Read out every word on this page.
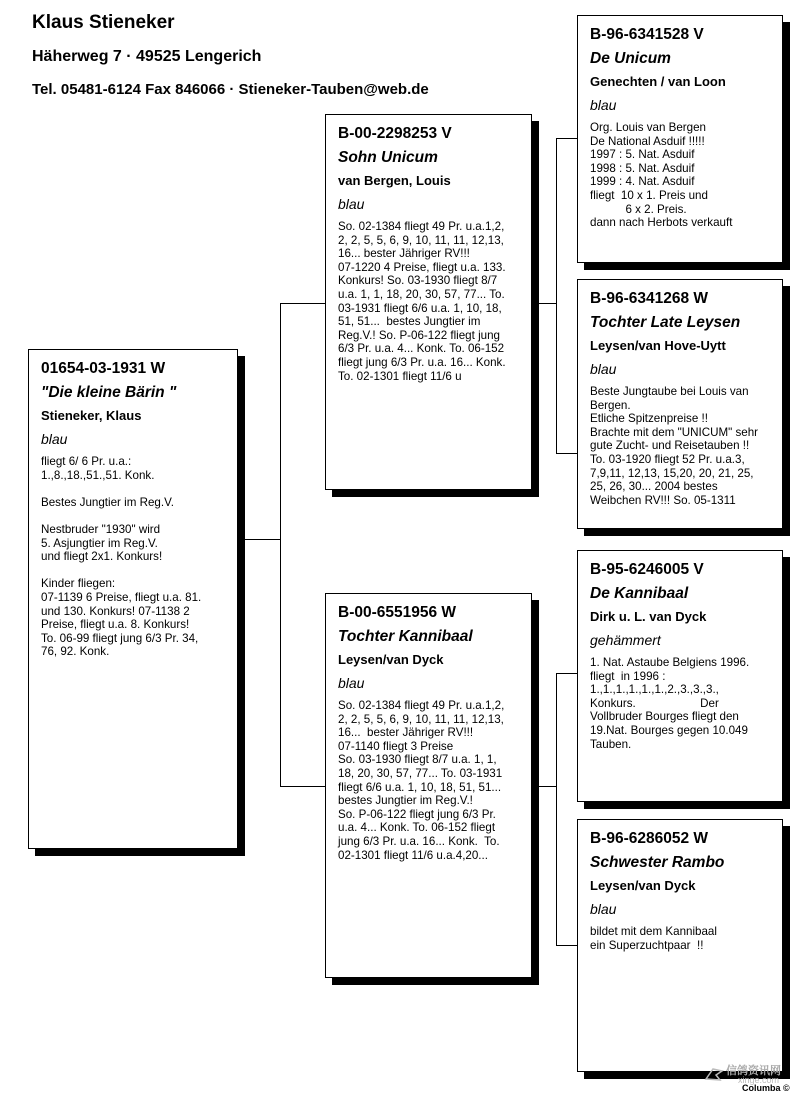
Klaus Stieneker
Häherweg 7 · 49525 Lengerich
Tel. 05481-6124 Fax 846066 · Stieneker-Tauben@web.de
01654-03-1931 W
"Die kleine Bärin "
Stieneker, Klaus
blau
fliegt 6/ 6 Pr. u.a.:
1.,8.,18.,51.,51. Konk.

Bestes Jungtier im Reg.V.

Nestbruder "1930" wird
5. Asjungtier im Reg.V.
und fliegt 2x1. Konkurs!

Kinder fliegen:
07-1139 6 Preise, fliegt u.a. 81.
und 130. Konkurs! 07-1138 2
Preise, fliegt u.a. 8. Konkurs!
To. 06-99 fliegt jung 6/3 Pr. 34,
76, 92. Konk.
B-00-2298253 V
Sohn Unicum
van Bergen, Louis
blau
So. 02-1384 fliegt 49 Pr. u.a.1,2,
2, 2, 5, 5, 6, 9, 10, 11, 11, 12,13,
16... bester Jähriger RV!!!
07-1220 4 Preise, fliegt u.a. 133.
Konkurs! So. 03-1930 fliegt 8/7
u.a. 1, 1, 18, 20, 30, 57, 77... To.
03-1931 fliegt 6/6 u.a. 1, 10, 18,
51, 51...  bestes Jungtier im
Reg.V.! So. P-06-122 fliegt jung
6/3 Pr. u.a. 4... Konk. To. 06-152
fliegt jung 6/3 Pr. u.a. 16... Konk.
To. 02-1301 fliegt 11/6 u
B-00-6551956 W
Tochter Kannibaal
Leysen/van Dyck
blau
So. 02-1384 fliegt 49 Pr. u.a.1,2,
2, 2, 5, 5, 6, 9, 10, 11, 11, 12,13,
16...  bester Jähriger RV!!!
07-1140 fliegt 3 Preise
So. 03-1930 fliegt 8/7 u.a. 1, 1,
18, 20, 30, 57, 77... To. 03-1931
fliegt 6/6 u.a. 1, 10, 18, 51, 51...
bestes Jungtier im Reg.V.!
So. P-06-122 fliegt jung 6/3 Pr.
u.a. 4... Konk. To. 06-152 fliegt
jung 6/3 Pr. u.a. 16... Konk.  To.
02-1301 fliegt 11/6 u.a.4,20...
B-96-6341528 V
De Unicum
Genechten / van Loon
blau
Org. Louis van Bergen
De National Asduif !!!!!
1997 : 5. Nat. Asduif
1998 : 5. Nat. Asduif
1999 : 4. Nat. Asduif
fliegt  10 x 1. Preis und
6 x 2. Preis.
dann nach Herbots verkauft
B-96-6341268 W
Tochter Late Leysen
Leysen/van Hove-Uytt
blau
Beste Jungtaube bei Louis van
Bergen.
Etliche Spitzenpreise !!
Brachte mit dem "UNICUM" sehr
gute Zucht- und Reisetauben !!
To. 03-1920 fliegt 52 Pr. u.a.3,
7,9,11, 12,13, 15,20, 20, 21, 25,
25, 26, 30... 2004 bestes
Weibchen RV!!! So. 05-1311
B-95-6246005 V
De Kannibaal
Dirk u. L. van Dyck
gehämmert
1. Nat. Astaube Belgiens 1996.
fliegt  in 1996 :
1.,1.,1.,1.,1.,1.,2.,3.,3.,3.,
Konkurs.                    Der
Vollbruder Bourges fliegt den
19.Nat. Bourges gegen 10.049
Tauben.
B-96-6286052 W
Schwester Rambo
Leysen/van Dyck
blau
bildet mit dem Kannibaal
ein Superzuchtpaar  !!
信鸽资讯网
xinge.com
Columba ©
